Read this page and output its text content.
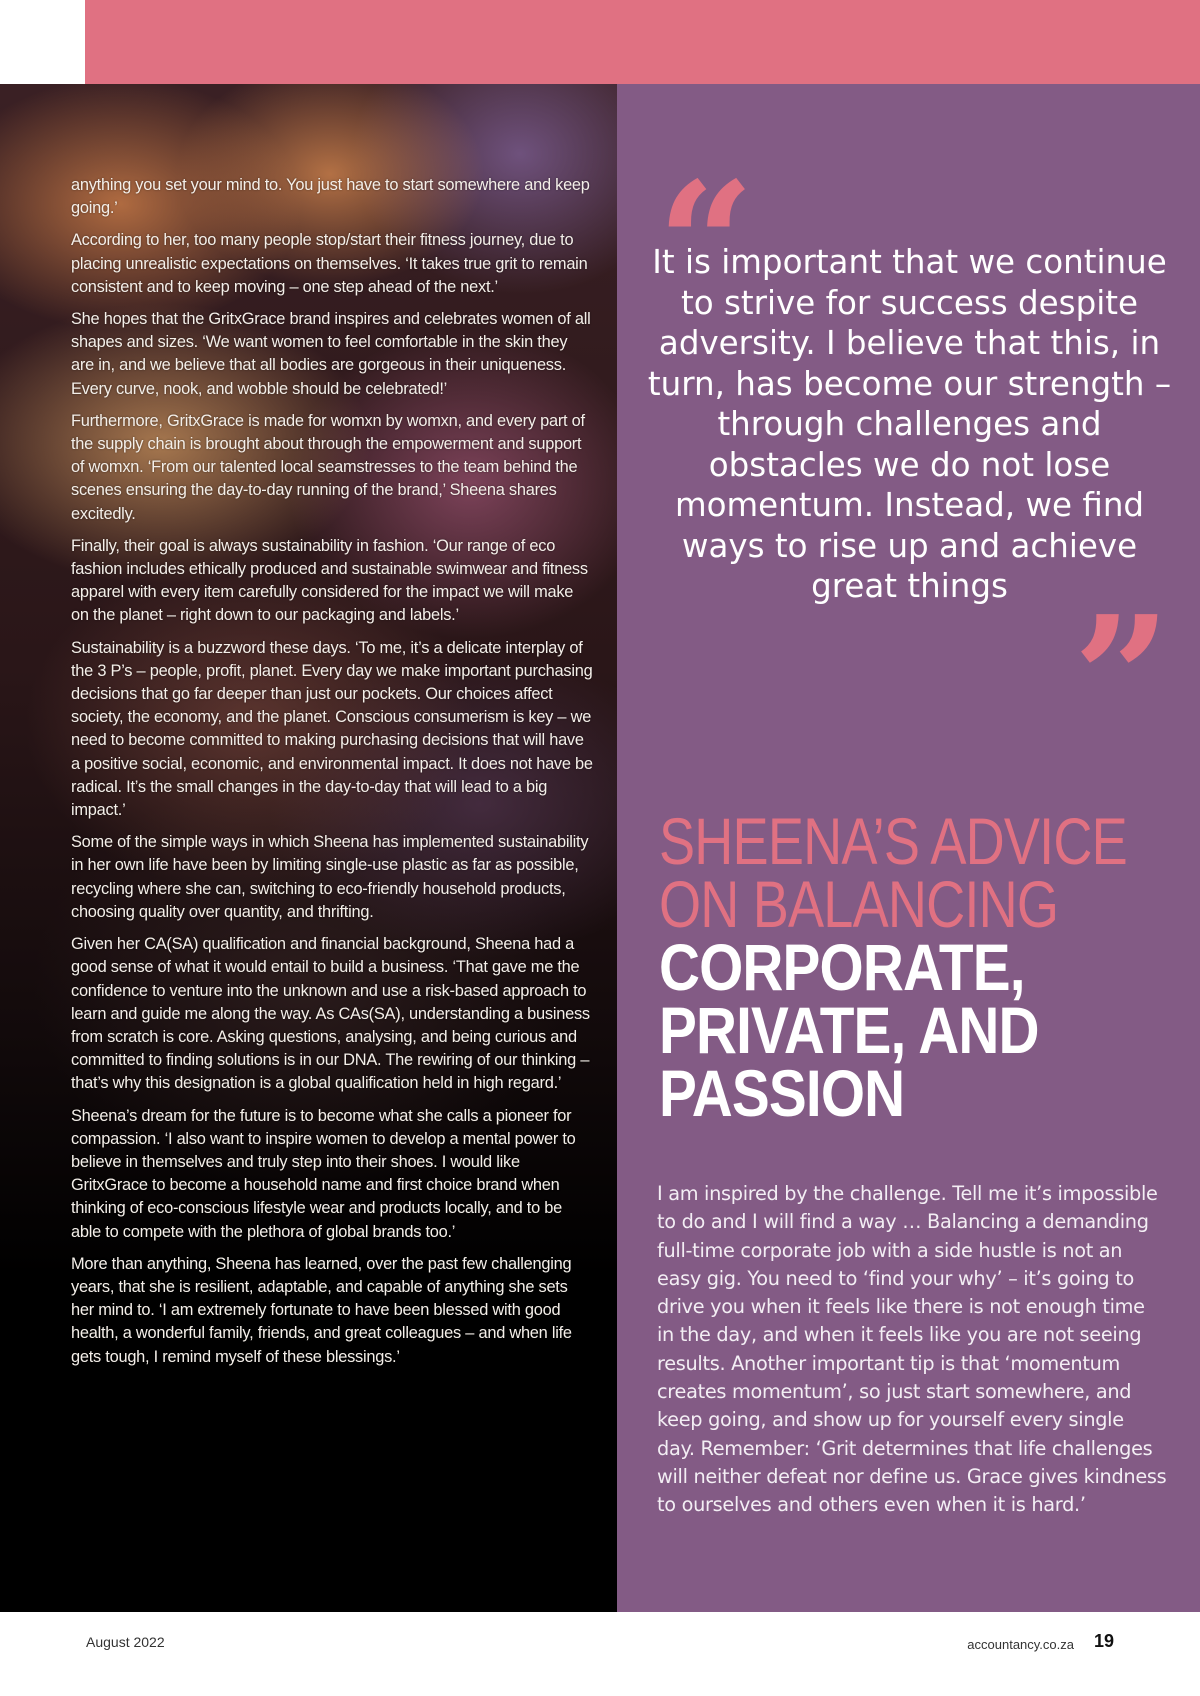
anything you set your mind to. You just have to start somewhere and keep going.’

According to her, too many people stop/start their fitness journey, due to placing unrealistic expectations on themselves. ‘It takes true grit to remain consistent and to keep moving – one step ahead of the next.’

She hopes that the GritxGrace brand inspires and celebrates women of all shapes and sizes. ‘We want women to feel comfortable in the skin they are in, and we believe that all bodies are gorgeous in their uniqueness. Every curve, nook, and wobble should be celebrated!’

Furthermore, GritxGrace is made for womxn by womxn, and every part of the supply chain is brought about through the empowerment and support of womxn. ‘From our talented local seamstresses to the team behind the scenes ensuring the day-to-day running of the brand,’ Sheena shares excitedly.

Finally, their goal is always sustainability in fashion. ‘Our range of eco fashion includes ethically produced and sustainable swimwear and fitness apparel with every item carefully considered for the impact we will make on the planet – right down to our packaging and labels.’

Sustainability is a buzzword these days. ‘To me, it’s a delicate interplay of the 3 P’s – people, profit, planet. Every day we make important purchasing decisions that go far deeper than just our pockets. Our choices affect society, the economy, and the planet. Conscious consumerism is key – we need to become committed to making purchasing decisions that will have a positive social, economic, and environmental impact. It does not have be radical. It’s the small changes in the day-to-day that will lead to a big impact.’

Some of the simple ways in which Sheena has implemented sustainability in her own life have been by limiting single-use plastic as far as possible, recycling where she can, switching to eco-friendly household products, choosing quality over quantity, and thrifting.

Given her CA(SA) qualification and financial background, Sheena had a good sense of what it would entail to build a business. ‘That gave me the confidence to venture into the unknown and use a risk-based approach to learn and guide me along the way. As CAs(SA), understanding a business from scratch is core. Asking questions, analysing, and being curious and committed to finding solutions is in our DNA. The rewiring of our thinking – that’s why this designation is a global qualification held in high regard.’

Sheena’s dream for the future is to become what she calls a pioneer for compassion. ‘I also want to inspire women to develop a mental power to believe in themselves and truly step into their shoes. I would like GritxGrace to become a household name and first choice brand when thinking of eco-conscious lifestyle wear and products locally, and to be able to compete with the plethora of global brands too.’

More than anything, Sheena has learned, over the past few challenging years, that she is resilient, adaptable, and capable of anything she sets her mind to. ‘I am extremely fortunate to have been blessed with good health, a wonderful family, friends, and great colleagues – and when life gets tough, I remind myself of these blessings.’

“
It is important that we continue to strive for success despite adversity. I believe that this, in turn, has become our strength – through challenges and obstacles we do not lose momentum. Instead, we find ways to rise up and achieve great things ”
SHEENA’S ADVICE
ON BALANCING
CORPORATE,
PRIVATE, AND
PASSION
I am inspired by the challenge. Tell me it’s impossible to do and I will find a way … Balancing a demanding full-time corporate job with a side hustle is not an easy gig. You need to ‘find your why’ – it’s going to drive you when it feels like there is not enough time in the day, and when it feels like you are not seeing results. Another important tip is that ‘momentum creates momentum’, so just start somewhere, and keep going, and show up for yourself every single day. Remember: ‘Grit determines that life challenges will neither defeat nor define us. Grace gives kindness to ourselves and others even when it is hard.’
August 2022	accountancy.co.za 19
